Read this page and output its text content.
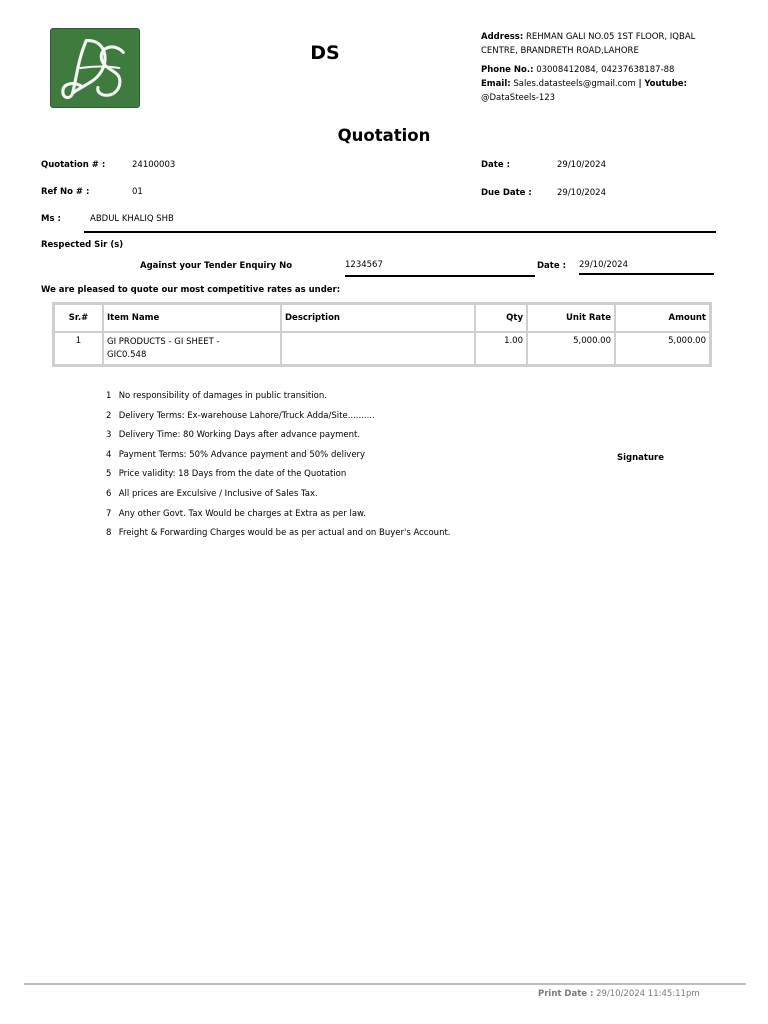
DS
Address: REHMAN GALI NO.05 1ST FLOOR, IQBAL
CENTRE, BRANDRETH ROAD,LAHORE
Phone No.: 03008412084, 04237638187-88
Email: Sales.datasteels@gmail.com | Youtube:
@DataSteels-123
Quotation
Quotation # :	24100003	Date :	29/10/2024
Ref No # :	01	Due Date :	29/10/2024
Ms :	ABDUL KHALIQ SHB
Respected Sir (s)
Against your Tender Enquiry No	1234567	Date : 29/10/2024
We are pleased to quote our most competitive rates as under:
Sr.#	Item Name	Description	Qty	Unit Rate	Amount
1	GI PRODUCTS - GI SHEET -
GIC0.548		1.00	5,000.00	5,000.00
1 No responsibility of damages in public transition.
2 Delivery Terms: Ex-warehouse Lahore/Truck Adda/Site..........
3 Delivery Time: 80 Working Days after advance payment.
4 Payment Terms: 50% Advance payment and 50% delivery
5 Price validity: 18 Days from the date of the Quotation
6 All prices are Exculsive / Inclusive of Sales Tax.
7 Any other Govt. Tax Would be charges at Extra as per law.
8 Freight & Forwarding Charges would be as per actual and on Buyer's Account.
Signature
Print Date : 29/10/2024 11:45:11pm
